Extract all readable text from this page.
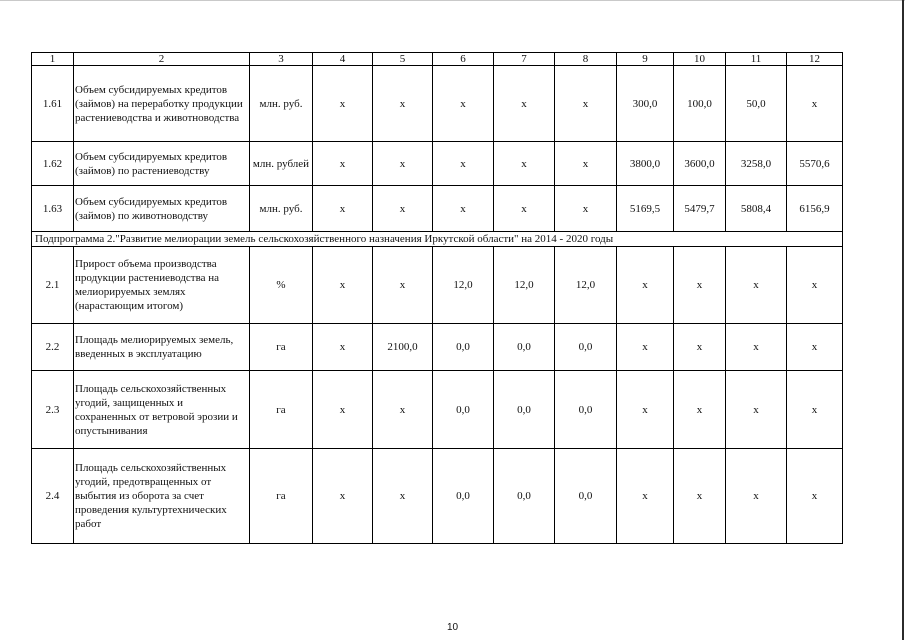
1	2	3	4	5	6	7	8	9	10	11	12
1.61	Объем субсидируемых кредитов (займов) на переработку продукции растениеводства и животноводства	млн. руб.	х	х	х	х	х	300,0	100,0	50,0	х
1.62	Объем субсидируемых кредитов (займов) по растениеводству	млн. рублей	х	х	х	х	х	3800,0	3600,0	3258,0	5570,6
1.63	Объем субсидируемых кредитов (займов) по животноводству	млн. руб.	х	х	х	х	х	5169,5	5479,7	5808,4	6156,9
Подпрограмма 2."Развитие мелиорации земель сельскохозяйственного назначения Иркутской области" на 2014 - 2020 годы											
2.1	Прирост объема производства продукции растениеводства на мелиорируемых землях (нарастающим итогом)	%	х	х	12,0	12,0	12,0	х	х	х	х
2.2	Площадь мелиорируемых земель, введенных в эксплуатацию	га	х	2100,0	0,0	0,0	0,0	х	х	х	х
2.3	Площадь сельскохозяйственных угодий, защищенных и сохраненных от ветровой эрозии и опустынивания	га	х	х	0,0	0,0	0,0	х	х	х	х
2.4	Площадь сельскохозяйственных угодий, предотвращенных от выбытия из оборота за счет проведения культуртехнических работ	га	х	х	0,0	0,0	0,0	х	х	х	х
10
